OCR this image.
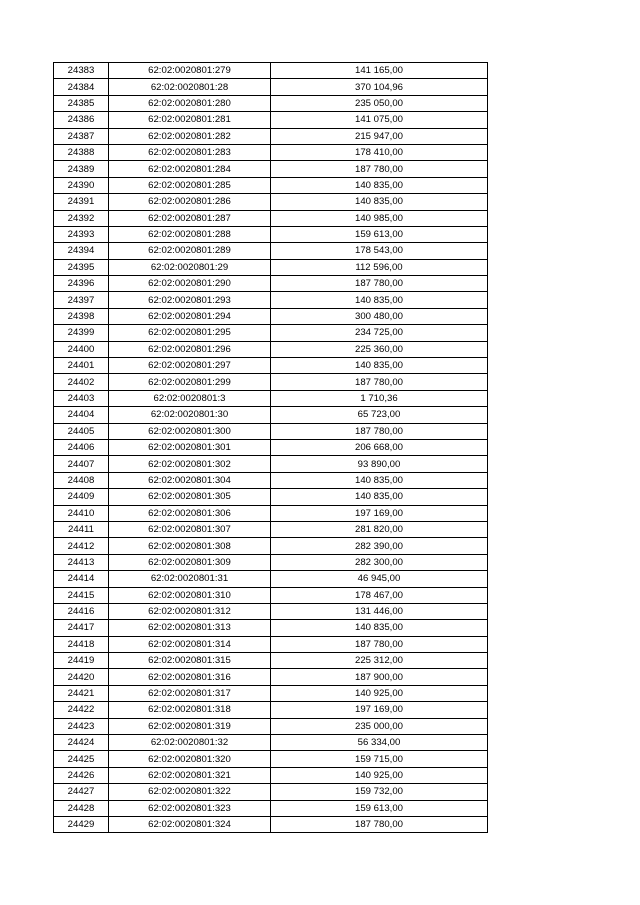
24383	62:02:0020801:279	141 165,00
24384	62:02:0020801:28	370 104,96
24385	62:02:0020801:280	235 050,00
24386	62:02:0020801:281	141 075,00
24387	62:02:0020801:282	215 947,00
24388	62:02:0020801:283	178 410,00
24389	62:02:0020801:284	187 780,00
24390	62:02:0020801:285	140 835,00
24391	62:02:0020801:286	140 835,00
24392	62:02:0020801:287	140 985,00
24393	62:02:0020801:288	159 613,00
24394	62:02:0020801:289	178 543,00
24395	62:02:0020801:29	112 596,00
24396	62:02:0020801:290	187 780,00
24397	62:02:0020801:293	140 835,00
24398	62:02:0020801:294	300 480,00
24399	62:02:0020801:295	234 725,00
24400	62:02:0020801:296	225 360,00
24401	62:02:0020801:297	140 835,00
24402	62:02:0020801:299	187 780,00
24403	62:02:0020801:3	1 710,36
24404	62:02:0020801:30	65 723,00
24405	62:02:0020801:300	187 780,00
24406	62:02:0020801:301	206 668,00
24407	62:02:0020801:302	93 890,00
24408	62:02:0020801:304	140 835,00
24409	62:02:0020801:305	140 835,00
24410	62:02:0020801:306	197 169,00
24411	62:02:0020801:307	281 820,00
24412	62:02:0020801:308	282 390,00
24413	62:02:0020801:309	282 300,00
24414	62:02:0020801:31	46 945,00
24415	62:02:0020801:310	178 467,00
24416	62:02:0020801:312	131 446,00
24417	62:02:0020801:313	140 835,00
24418	62:02:0020801:314	187 780,00
24419	62:02:0020801:315	225 312,00
24420	62:02:0020801:316	187 900,00
24421	62:02:0020801:317	140 925,00
24422	62:02:0020801:318	197 169,00
24423	62:02:0020801:319	235 000,00
24424	62:02:0020801:32	56 334,00
24425	62:02:0020801:320	159 715,00
24426	62:02:0020801:321	140 925,00
24427	62:02:0020801:322	159 732,00
24428	62:02:0020801:323	159 613,00
24429	62:02:0020801:324	187 780,00
